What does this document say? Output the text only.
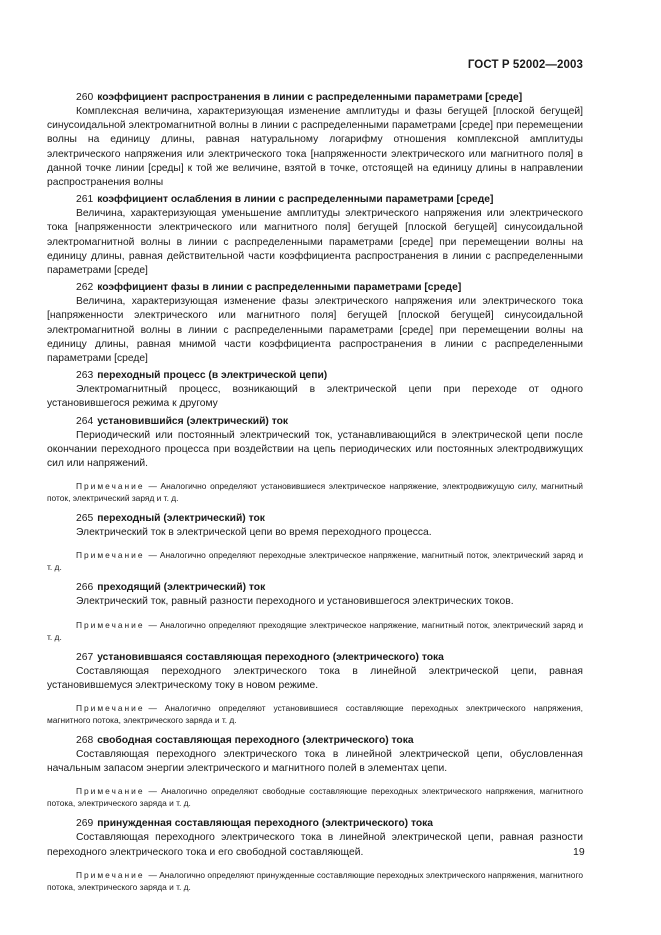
ГОСТ Р 52002—2003

260 коэффициент распространения в линии с распределенными параметрами [среде]

Комплексная величина, характеризующая изменение амплитуды и фазы бегущей [плоской бегущей] синусоидальной электромагнитной волны в линии с распределенными параметрами [среде] при перемещении волны на единицу длины, равная натуральному логарифму отношения комплексной амплитуды электрического напряжения или электрического тока [напряженности электрического или магнитного поля] в данной точке линии [среды] к той же величине, взятой в точке, отстоящей на единицу длины в направлении распространения волны

261 коэффициент ослабления в линии с распределенными параметрами [среде]

Величина, характеризующая уменьшение амплитуды электрического напряжения или электрического тока [напряженности электрического или магнитного поля] бегущей [плоской бегущей] синусоидальной электромагнитной волны в линии с распределенными параметрами [среде] при перемещении волны на единицу длины, равная действительной части коэффициента распространения в линии с распределенными параметрами [среде]

262 коэффициент фазы в линии с распределенными параметрами [среде]

Величина, характеризующая изменение фазы электрического напряжения или электрического тока [напряженности электрического или магнитного поля] бегущей [плоской бегущей] синусоидальной электромагнитной волны в линии с распределенными параметрами [среде] при перемещении волны на единицу длины, равная мнимой части коэффициента распространения в линии с распределенными параметрами [среде]

263 переходный процесс (в электрической цепи)

Электромагнитный процесс, возникающий в электрической цепи при переходе от одного установившегося режима к другому

264 установившийся (электрический) ток

Периодический или постоянный электрический ток, устанавливающийся в электрической цепи после окончании переходного процесса при воздействии на цепь периодических или постоянных электродвижущих сил или напряжений.

Примечание — Аналогично определяют установившиеся электрическое напряжение, электродвижущую силу, магнитный поток, электрический заряд и т. д.

265 переходный (электрический) ток

Электрический ток в электрической цепи во время переходного процесса.

Примечание — Аналогично определяют переходные электрическое напряжение, магнитный поток, электрический заряд и т. д.

266 преходящий (электрический) ток

Электрический ток, равный разности переходного и установившегося электрических токов.

Примечание — Аналогично определяют преходящие электрическое напряжение, магнитный поток, электрический заряд и т. д.

267 установившаяся составляющая переходного (электрического) тока

Составляющая переходного электрического тока в линейной электрической цепи, равная установившемуся электрическому току в новом режиме.

Примечание — Аналогично определяют установившиеся составляющие переходных электрического напряжения, магнитного потока, электрического заряда и т. д.

268 свободная составляющая переходного (электрического) тока

Составляющая переходного электрического тока в линейной электрической цепи, обусловленная начальным запасом энергии электрического и магнитного полей в элементах цепи.

Примечание — Аналогично определяют свободные составляющие переходных электрического напряжения, магнитного потока, электрического заряда и т. д.

269 принужденная составляющая переходного (электрического) тока

Составляющая переходного электрического тока в линейной электрической цепи, равная разности переходного электрического тока и его свободной составляющей.

Примечание — Аналогично определяют принужденные составляющие переходных электрического напряжения, магнитного потока, электрического заряда и т. д.

19
